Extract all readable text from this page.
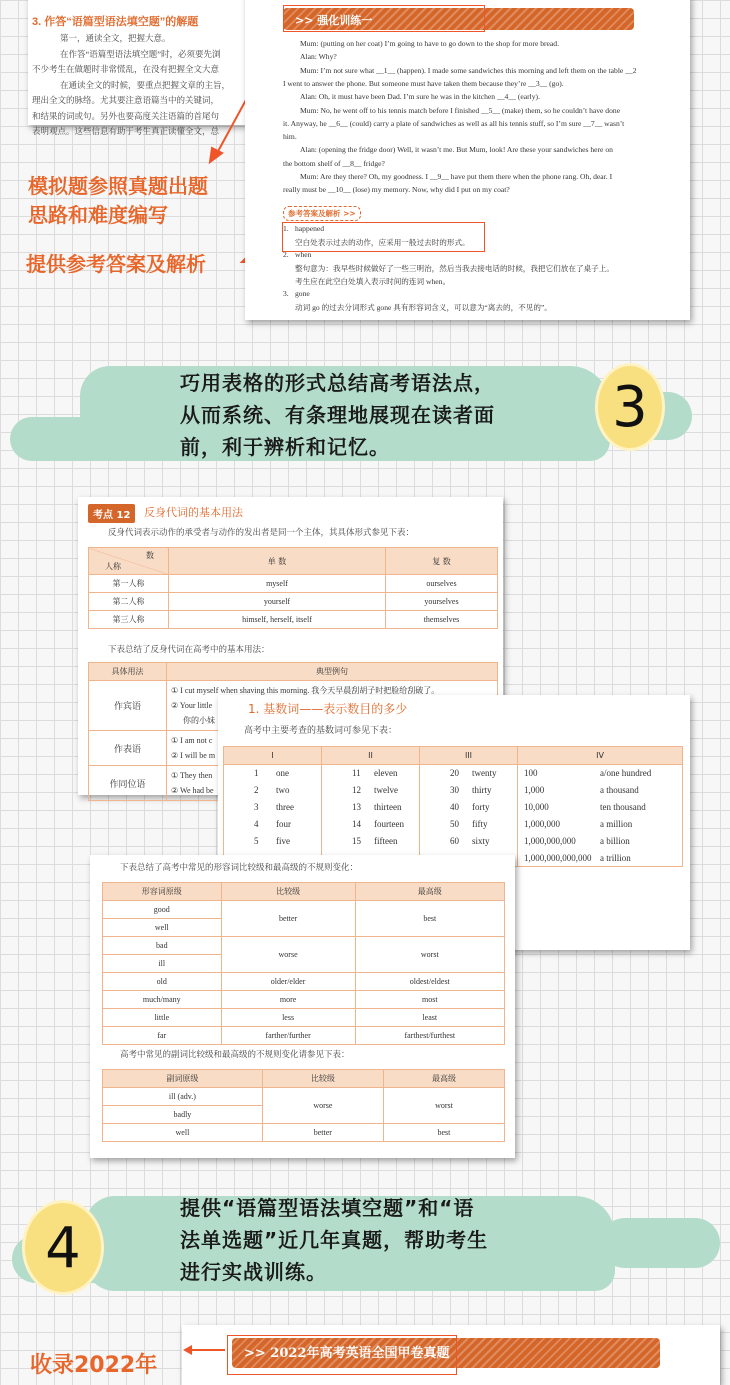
3. 作答“语篇型语法填空题”的解题
第一，通读全文，把握大意。
在作答“语篇型语法填空题”时，必须要先浏
不少考生在做题时非常慌乱，在没有把握全文大意
在通读全文的时候，要重点把握文章的主旨，
理出全文的脉络。尤其要注意语篇当中的关键词，
和结果的词或句。另外也要高度关注语篇的首尾句
表明观点。这些信息有助于考生真正读懂全文，总
模拟题参照真题出题
思路和难度编写
提供参考答案及解析
>> 强化训练一
Mum: (putting on her coat) I’m going to have to go down to the shop for more bread.
Alan: Why?
Mum: I’m not sure what __1__ (happen). I made some sandwiches this morning and left them on the table __2
I went to answer the phone. But someone must have taken them because they’re __3__ (go).
Alan: Oh, it must have been Dad. I’m sure he was in the kitchen __4__ (early).
Mum: No, he went off to his tennis match before I finished __5__ (make) them, so he couldn’t have done
it. Anyway, he __6__ (could) carry a plate of sandwiches as well as all his tennis stuff, so I’m sure __7__ wasn’t
him.
Alan: (opening the fridge door) Well, it wasn’t me. But Mum, look! Are these your sandwiches here on
the bottom shelf of __8__ fridge?
Mum: Are they there? Oh, my goodness. I __9__ have put them there when the phone rang. Oh, dear. I
really must be __10__ (lose) my memory. Now, why did I put on my coat?
1. happened
空白处表示过去的动作，应采用一般过去时的形式。
2. when
整句意为：我早些时候做好了一些三明治，然后当我去接电话的时候，我把它们放在了桌子上。
考生应在此空白处填入表示时间的连词 when。
3. gone
动词 go 的过去分词形式 gone 具有形容词含义，可以意为“离去的，不见的”。
参考答案及解析 >>
巧用表格的形式总结高考语法点，
从而系统、有条理地展现在读者面
前，利于辨析和记忆。
3
考点 12	反身代词的基本用法
反身代词表示动作的承受者与动作的发出者是同一个主体，其具体形式参见下表：
数
人称	单 数	复 数
第一人称	myself	ourselves
第二人称	yourself	yourselves
第三人称	himself, herself, itself	themselves
下表总结了反身代词在高考中的基本用法：
具体用法	典型例句
作宾语	① I cut myself when shaving this morning. 我今天早晨刮胡子时把脸给刮破了。
② Your little
你的小妹

作表语	① I am not c
② I will be m

作同位语	① They then
② We had be
1. 基数词——表示数目的多少
高考中主要考查的基数词可参见下表：
I	II	III	IV
1 one	11 eleven	20 twenty	100 a/one hundred
2 two	12 twelve	30 thirty	1,000 a thousand
3 three	13 thirteen	40 forty	10,000 ten thousand
4 four	14 fourteen	50 fifty	1,000,000 a million
5 five	15 fifteen	60 sixty	1,000,000,000 a billion
			1,000,000,000,000 a trillion
下表总结了高考中常见的形容词比较级和最高级的不规则变化：
形容词原级	比较级	最高级
good	better	best
well		
bad	worse	worst
ill		
old	older/elder	oldest/eldest
much/many	more	most
little	less	least
far	farther/further	farthest/furthest
高考中常见的副词比较级和最高级的不规则变化请参见下表：
副词原级	比较级	最高级
ill (adv.)	worse	worst
badly		
well	better	best
提供“语篇型语法填空题”和“语
法单选题”近几年真题，帮助考生
进行实战训练。
4
>> 2022年高考英语全国甲卷真题
收录2022年
